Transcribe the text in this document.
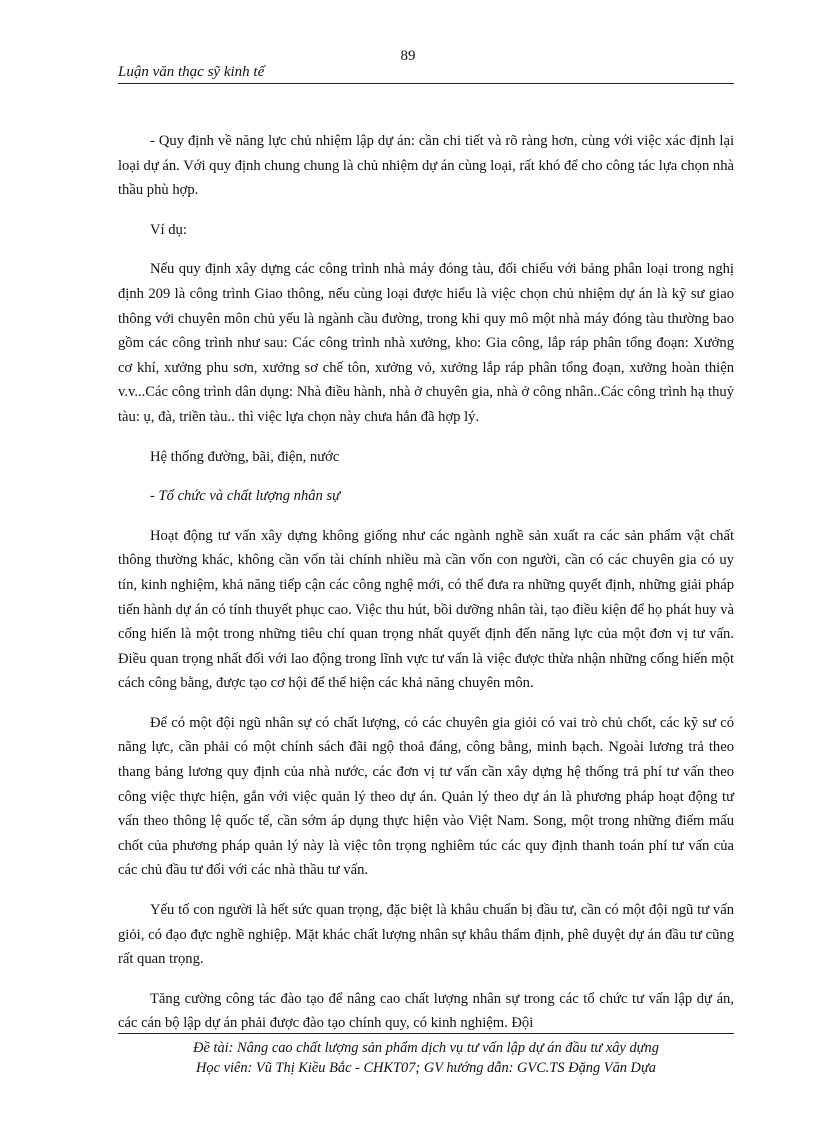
89
Luận văn thạc sỹ kinh tế

- Quy định về năng lực chủ nhiệm lập dự án: cần chi tiết và rõ ràng hơn, cùng với việc xác định lại loại dự án. Với quy định chung chung là chủ nhiệm dự án cùng loại, rất khó để cho công tác lựa chọn nhà thầu phù hợp.

Ví dụ:

Nếu quy định xây dựng các công trình nhà máy đóng tàu, đối chiếu với bảng phân loại trong nghị định 209 là công trình Giao thông, nếu cùng loại được hiểu là việc chọn chủ nhiệm dự án là kỹ sư giao thông với chuyên môn chủ yếu là ngành cầu đường, trong khi quy mô một nhà máy đóng tàu thường bao gồm các công trình như sau: Các công trình nhà xưởng, kho: Gia công, lắp ráp phân tổng đoạn: Xưởng cơ khí, xưởng phu sơn, xưởng sơ chế tôn, xưởng vỏ, xưởng lắp ráp phân tổng đoạn, xưởng hoàn thiện v.v...Các công trình dân dụng: Nhà điều hành, nhà ở chuyên gia, nhà ở công nhân..Các công trình hạ thuỷ tàu: ụ, đà, triền tàu.. thì việc lựa chọn này chưa hẳn đã hợp lý.

Hệ thống đường, bãi, điện, nước

- Tổ chức và chất lượng nhân sự

Hoạt động tư vấn xây dựng không giống như các ngành nghề sản xuất ra các sản phẩm vật chất thông thường khác, không cần vốn tài chính nhiều mà cần vốn con người, cần có các chuyên gia có uy tín, kinh nghiệm, khả năng tiếp cận các công nghệ mới, có thể đưa ra những quyết định, những giải pháp tiến hành dự án có tính thuyết phục cao. Việc thu hút, bồi dưỡng nhân tài, tạo điều kiện để họ phát huy và cống hiến là một trong những tiêu chí quan trọng nhất quyết định đến năng lực của một đơn vị tư vấn. Điều quan trọng nhất đối với lao động trong lĩnh vực tư vấn là việc được thừa nhận những cống hiến một cách công bằng, được tạo cơ hội để thể hiện các khả năng chuyên môn.

Để có một đội ngũ nhân sự có chất lượng, có các chuyên gia giỏi có vai trò chủ chốt, các kỹ sư có năng lực, cần phải có một chính sách đãi ngộ thoả đáng, công bằng, minh bạch. Ngoài lương trả theo thang bảng lương quy định của nhà nước, các đơn vị tư vấn cần xây dựng hệ thống trả phí tư vấn theo công việc thực hiện, gắn với việc quản lý theo dự án. Quản lý theo dự án là phương pháp hoạt động tư vấn theo thông lệ quốc tế, cần sớm áp dụng thực hiện vào Việt Nam. Song, một trong những điểm mấu chốt của phương pháp quản lý này là việc tôn trọng nghiêm túc các quy định thanh toán phí tư vấn của các chủ đầu tư đối với các nhà thầu tư vấn.

Yếu tố con người là hết sức quan trọng, đặc biệt là khâu chuẩn bị đầu tư, cần có một đội ngũ tư vấn giỏi, có đạo đực nghề nghiệp. Mặt khác chất lượng nhân sự khâu thẩm định, phê duyệt dự án đầu tư cũng rất quan trọng.

Tăng cường công tác đào tạo để nâng cao chất lượng nhân sự trong các tổ chức tư vấn lập dự án, các cán bộ lập dự án phải được đào tạo chính quy, có kinh nghiệm. Đội

Đề tài: Nâng cao chất lượng sản phẩm dịch vụ tư vấn lập dự án đầu tư xây dựng
Học viên: Vũ Thị Kiều Bắc - CHKT07; GV hướng dẫn: GVC.TS Đặng Văn Dựa
